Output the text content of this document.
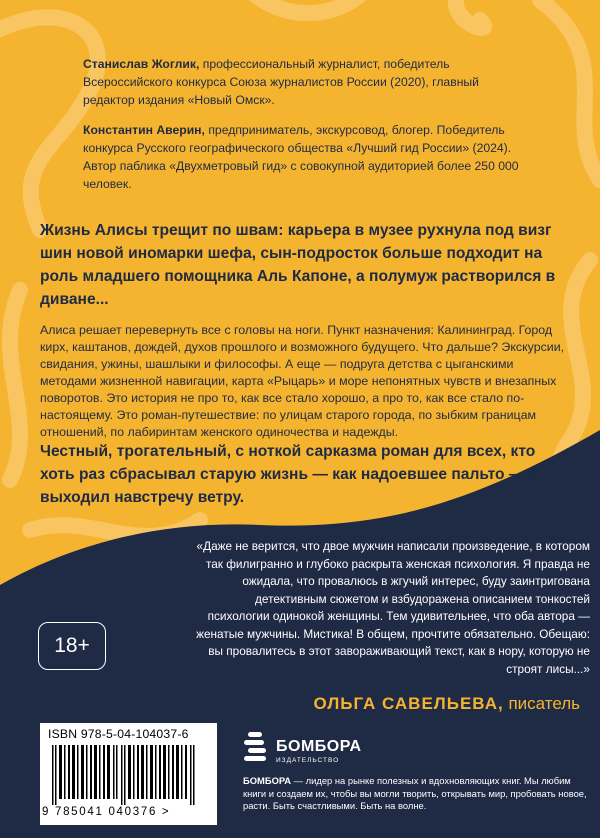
Станислав Жоглик, профессиональный журналист, победитель Всероссийского конкурса Союза журналистов России (2020), главный редактор издания «Новый Омск».

Константин Аверин, предприниматель, экскурсовод, блогер. Победитель конкурса Русского географического общества «Лучший гид России» (2024). Автор паблика «Двухметровый гид» с совокупной аудиторией более 250 000 человек.

Жизнь Алисы трещит по швам: карьера в музее рухнула под визг шин новой иномарки шефа, сын-подросток больше подходит на роль младшего помощника Аль Капоне, а полумуж растворился в диване...
Алиса решает перевернуть все с головы на ноги. Пункт назначения: Калининград. Город кирх, каштанов, дождей, духов прошлого и возможного будущего. Что дальше? Экскурсии, свидания, ужины, шашлыки и философы. А еще — подруга детства с цыганскими методами жизненной навигации, карта «Рыцарь» и море непонятных чувств и внезапных поворотов. Это история не про то, как все стало хорошо, а про то, как все стало по-настоящему. Это роман-путешествие: по улицам старого города, по зыбким границам отношений, по лабиринтам женского одиночества и надежды.
Честный, трогательный, с ноткой сарказма роман для всех, кто хоть раз сбрасывал старую жизнь — как надоевшее пальто — и выходил навстречу ветру.
«Даже не верится, что двое мужчин написали произведение, в котором так филигранно и глубоко раскрыта женская психология. Я правда не ожидала, что провалюсь в жгучий интерес, буду заинтригована детективным сюжетом и взбудоражена описанием тонкостей психологии одинокой женщины. Тем удивительнее, что оба автора — женатые мужчины. Мистика! В общем, прочтите обязательно. Обещаю: вы провалитесь в этот завораживающий текст, как в нору, которую не строят лисы...»
ОЛЬГА САВЕЛЬЕВА, писатель
18+
ISBN 978-5-04-104037-6
9 785041 040376 >
БОМБОРА
ИЗДАТЕЛЬСТВО
БОМБОРА — лидер на рынке полезных и вдохновляющих книг. Мы любим книги и создаем их, чтобы вы могли творить, открывать мир, пробовать новое, расти. Быть счастливыми. Быть на волне.
